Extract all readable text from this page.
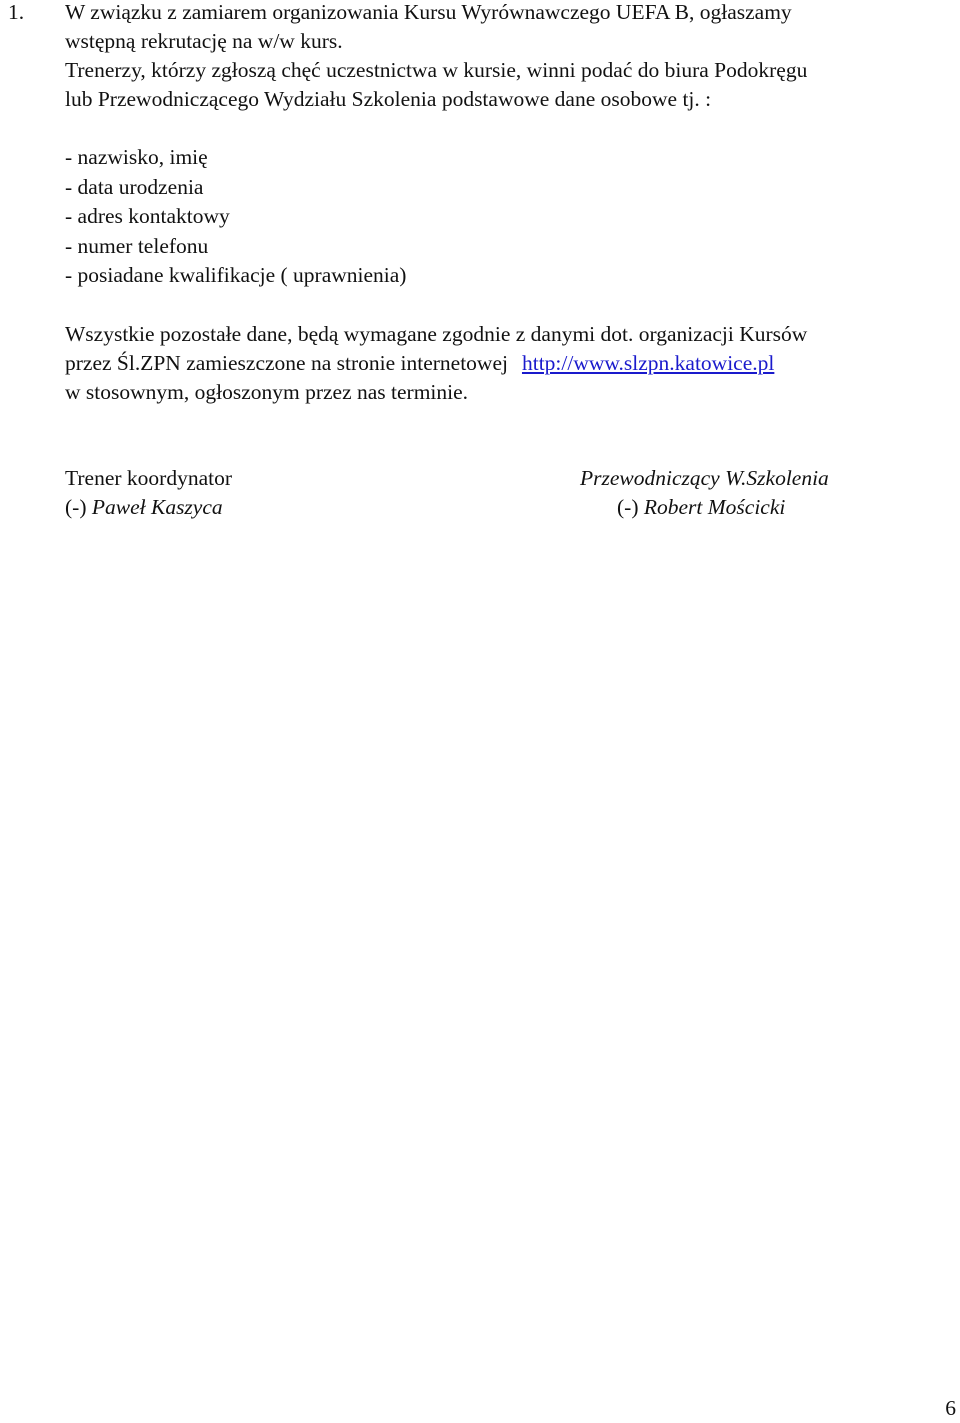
1. W związku z zamiarem organizowania Kursu Wyrównawczego UEFA B, ogłaszamy
wstępną rekrutację na w/w kurs.
Trenerzy, którzy zgłoszą chęć uczestnictwa w kursie, winni podać do biura Podokręgu
lub Przewodniczącego Wydziału Szkolenia podstawowe dane osobowe tj. :
- nazwisko, imię
- data urodzenia
- adres kontaktowy
- numer telefonu
- posiadane kwalifikacje ( uprawnienia)
Wszystkie pozostałe dane, będą wymagane zgodnie z danymi dot. organizacji Kursów
przez Śl.ZPN zamieszczone na stronie internetowej http://www.slzpn.katowice.pl
w stosownym, ogłoszonym przez nas terminie.
Trener koordynator
(-) Paweł Kaszyca
Przewodniczący W.Szkolenia
(-) Robert Mościcki
6
